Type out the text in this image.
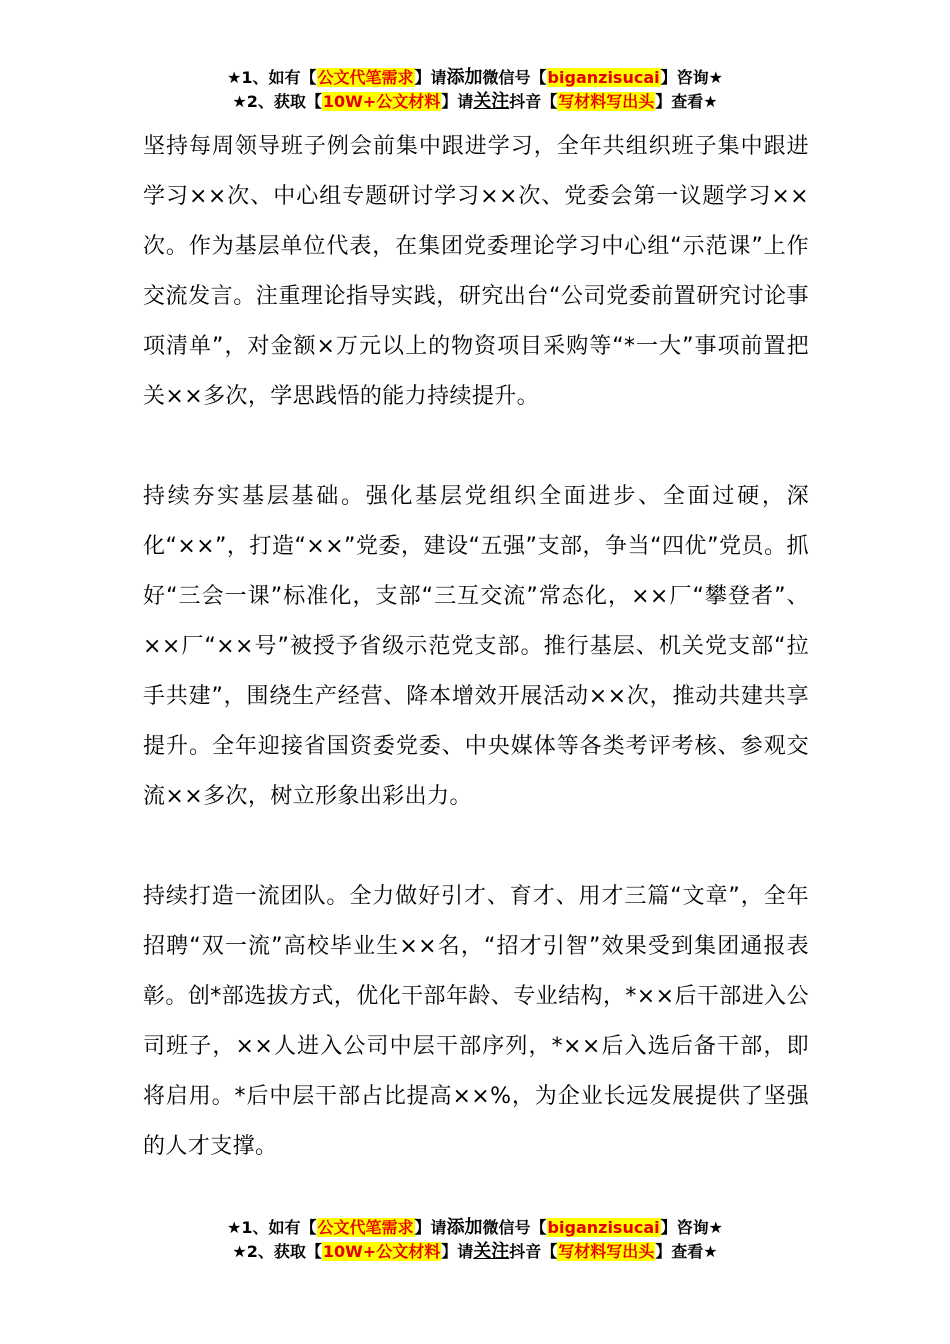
★1、如有【公文代笔需求】请添加微信号【biganzisucai】咨询★
★2、获取【10W+公文材料】请关注抖音【写材料写出头】查看★

坚持每周领导班子例会前集中跟进学习，全年共组织班子集中跟进学习××次、中心组专题研讨学习××次、党委会第一议题学习××次。作为基层单位代表，在集团党委理论学习中心组“示范课”上作交流发言。注重理论指导实践，研究出台“公司党委前置研究讨论事项清单”，对金额×万元以上的物资项目采购等“*一大”事项前置把关××多次，学思践悟的能力持续提升。

持续夯实基层基础。强化基层党组织全面进步、全面过硬，深化“××”，打造“××”党委，建设“五强”支部，争当“四优”党员。抓好“三会一课”标准化，支部“三互交流”常态化，××厂“攀登者”、××厂“××号”被授予省级示范党支部。推行基层、机关党支部“拉手共建”，围绕生产经营、降本增效开展活动××次，推动共建共享提升。全年迎接省国资委党委、中央媒体等各类考评考核、参观交流××多次，树立形象出彩出力。

持续打造一流团队。全力做好引才、育才、用才三篇“文章”，全年招聘“双一流”高校毕业生××名，“招才引智”效果受到集团通报表彰。创*部选拔方式，优化干部年龄、专业结构，*××后干部进入公司班子，××人进入公司中层干部序列，*××后入选后备干部，即将启用。*后中层干部占比提高××%，为企业长远发展提供了坚强的人才支撑。

★1、如有【公文代笔需求】请添加微信号【biganzisucai】咨询★
★2、获取【10W+公文材料】请关注抖音【写材料写出头】查看★
